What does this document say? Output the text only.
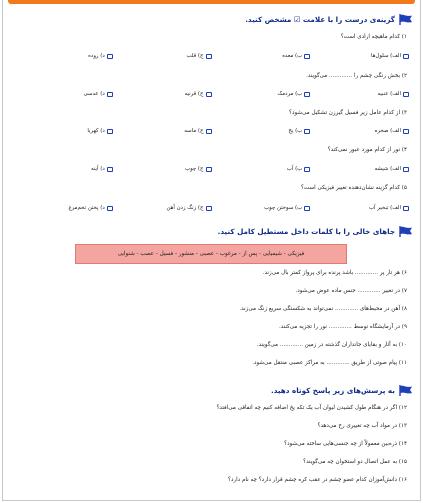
گزینه‌ی درست را با علامت ☑ مشخص کنید.
۱) کدام ماهیچه ارادی است؟
الف) سلول‌ها
ب) معده
ج) قلب
د) روده
۲) بخش رنگی چشم را ............. می‌گویند.
الف) عنبیه
ب) مردمک
ج) قرنیه
د) عدسی
۳) از کدام عامل زیر فسیل گیرزن تشکیل می‌شود؟
الف) صخره
ب) یخ
ج) ماسه
د) کهربا
۴) نور از کدام مورد عبور نمی‌کند؟
الف) شیشه
ب) آب
ج) چوب
د) آینه
۵) کدام گزینه نشان‌دهنده تغییر فیزیکی است؟
الف) تبخیر آب
ب) سوختن چوب
ج) زنگ زدن آهن
د) پختن تخم‌مرغ
جاهای خالی را با کلمات داخل مستطیل کامل کنید.
فیزیکی - شیمیایی - پس از - مرغوب - عصبی - منشور - فسیل - عصب - شنوایی
۶) هر تار پر ............. باشد پرنده برای پرواز کمتر بال می‌زند.
۷) در تغییر ............. جنس ماده عوض می‌شود.
۸) آهن در محیط‌های ............. نمی‌تواند به شکستگی سریع زنگ می‌زند.
۹) در آزمایشگاه توسط ............. نور را تجزیه می‌کنند.
۱۰) به آثار و بقایای جانداران گذشته در زمین ............. می‌گویند.
۱۱) پیام صوتی از طریق ............. به مراکز عصبی منتقل می‌شود.
به پرسش‌های زیر پاسخ کوتاه دهید.
۱۲) اگر در هنگام طول کشیدن لیوان آب یک تکه یخ اضافه کنیم چه اتفاقی می‌افتد؟
۱۳) در مواد آب چه تغییری رخ می‌دهد؟
۱۴) ذره‌بین معمولاً از چه جنسی‌هایی ساخته می‌شود؟
۱۵) به عمل اتصال دو استخوان چه می‌گویند؟
۱۶) دانش‌آموزان کدام عضو چشم در عقب کره چشم قرار دارد؟ چه نام دارد؟
